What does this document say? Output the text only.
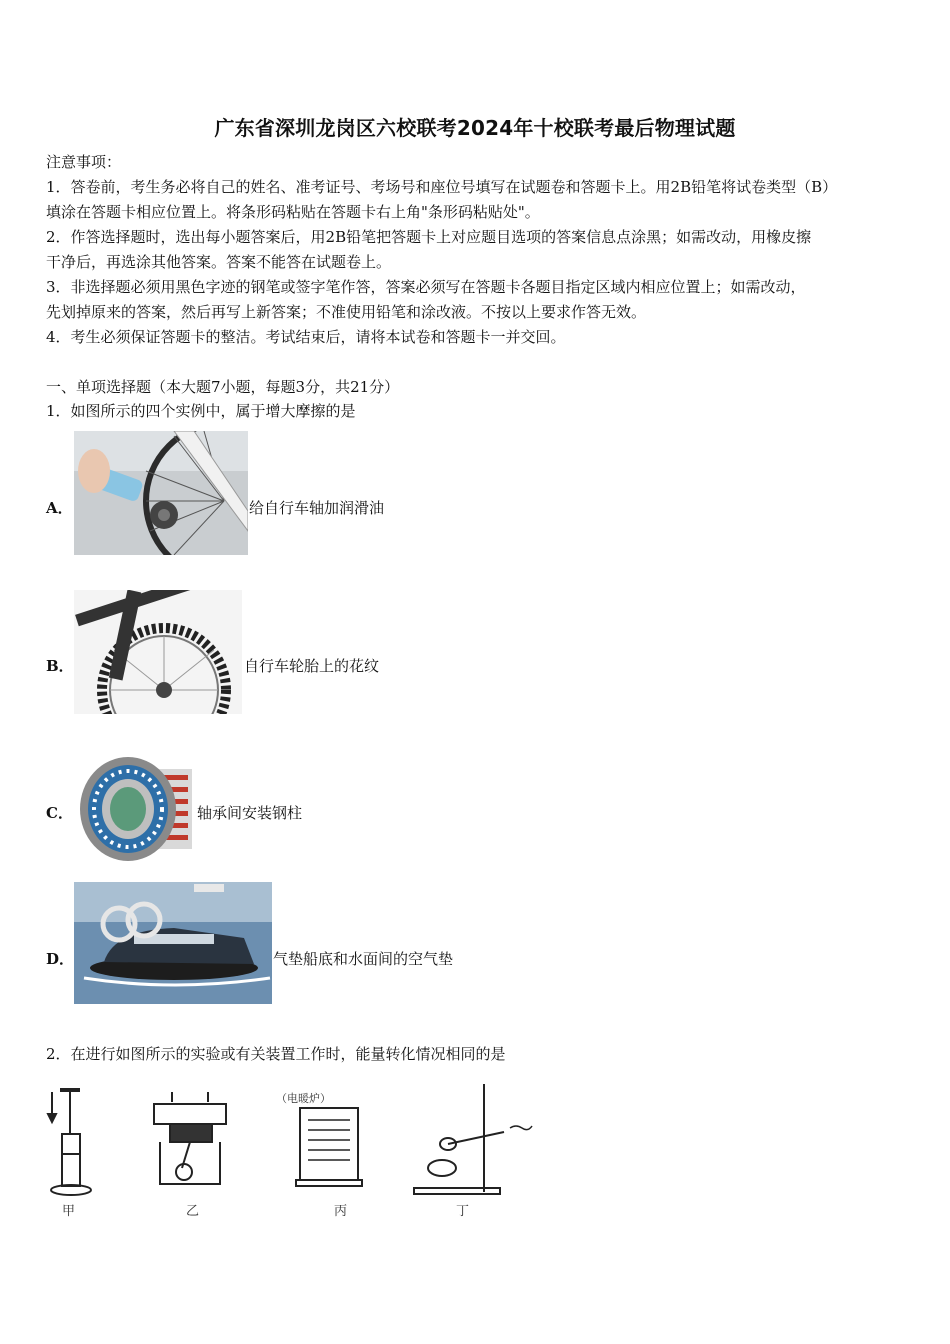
广东省深圳龙岗区六校联考2024年十校联考最后物理试题
注意事项：
1．答卷前，考生务必将自己的姓名、准考证号、考场号和座位号填写在试题卷和答题卡上。用2B铅笔将试卷类型（B）
填涂在答题卡相应位置上。将条形码粘贴在答题卡右上角"条形码粘贴处"。
2．作答选择题时，选出每小题答案后，用2B铅笔把答题卡上对应题目选项的答案信息点涂黑；如需改动，用橡皮擦
干净后，再选涂其他答案。答案不能答在试题卷上。
3．非选择题必须用黑色字迹的钢笔或签字笔作答，答案必须写在答题卡各题目指定区域内相应位置上；如需改动，
先划掉原来的答案，然后再写上新答案；不准使用铅笔和涂改液。不按以上要求作答无效。
4．考生必须保证答题卡的整洁。考试结束后，请将本试卷和答题卡一并交回。
一、单项选择题（本大题7小题，每题3分，共21分）
1．如图所示的四个实例中，属于增大摩擦的是
A．	给自行车轴加润滑油
B．	自行车轮胎上的花纹
C．	轴承间安装钢柱
D．	气垫船底和水面间的空气垫
2．在进行如图所示的实验或有关装置工作时，能量转化情况相同的是
（电暖炉）
甲	乙	丙	丁
